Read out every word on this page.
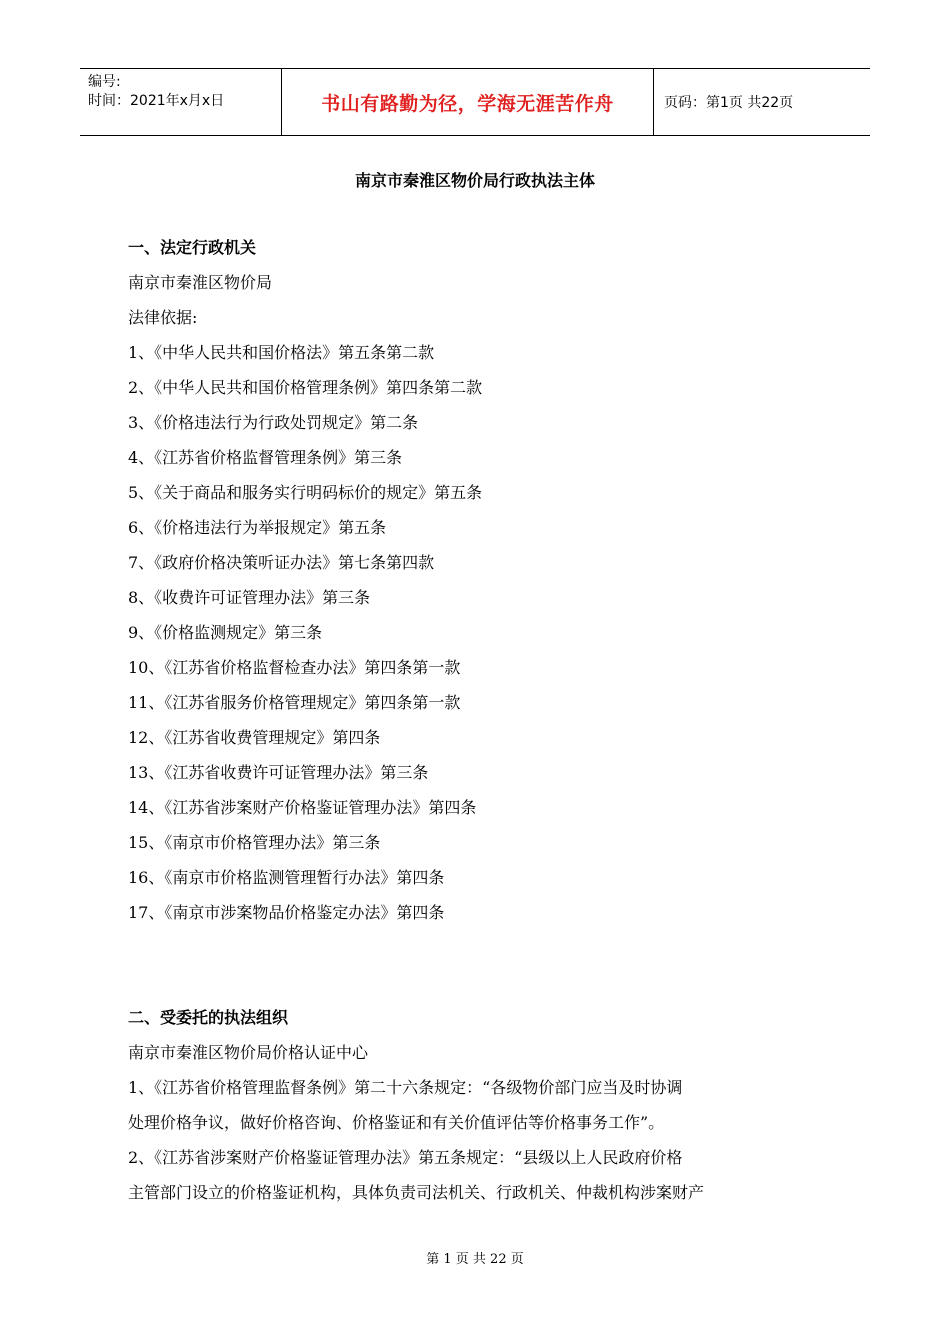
编号:
时间：2021年x月x日	书山有路勤为径，学海无涯苦作舟	页码：第1页 共22页
南京市秦淮区物价局行政执法主体
一、法定行政机关
南京市秦淮区物价局
法律依据:
1、《中华人民共和国价格法》第五条第二款
2、《中华人民共和国价格管理条例》第四条第二款
3、《价格违法行为行政处罚规定》第二条
4、《江苏省价格监督管理条例》第三条
5、《关于商品和服务实行明码标价的规定》第五条
6、《价格违法行为举报规定》第五条
7、《政府价格决策听证办法》第七条第四款
8、《收费许可证管理办法》第三条
9、《价格监测规定》第三条
10、《江苏省价格监督检查办法》第四条第一款
11、《江苏省服务价格管理规定》第四条第一款
12、《江苏省收费管理规定》第四条
13、《江苏省收费许可证管理办法》第三条
14、《江苏省涉案财产价格鉴证管理办法》第四条
15、《南京市价格管理办法》第三条
16、《南京市价格监测管理暂行办法》第四条
17、《南京市涉案物品价格鉴定办法》第四条
二、受委托的执法组织
南京市秦淮区物价局价格认证中心
1、《江苏省价格管理监督条例》第二十六条规定：“各级物价部门应当及时协调
处理价格争议，做好价格咨询、价格鉴证和有关价值评估等价格事务工作”。
2、《江苏省涉案财产价格鉴证管理办法》第五条规定：“县级以上人民政府价格
主管部门设立的价格鉴证机构，具体负责司法机关、行政机关、仲裁机构涉案财产
第 1 页 共 22 页
